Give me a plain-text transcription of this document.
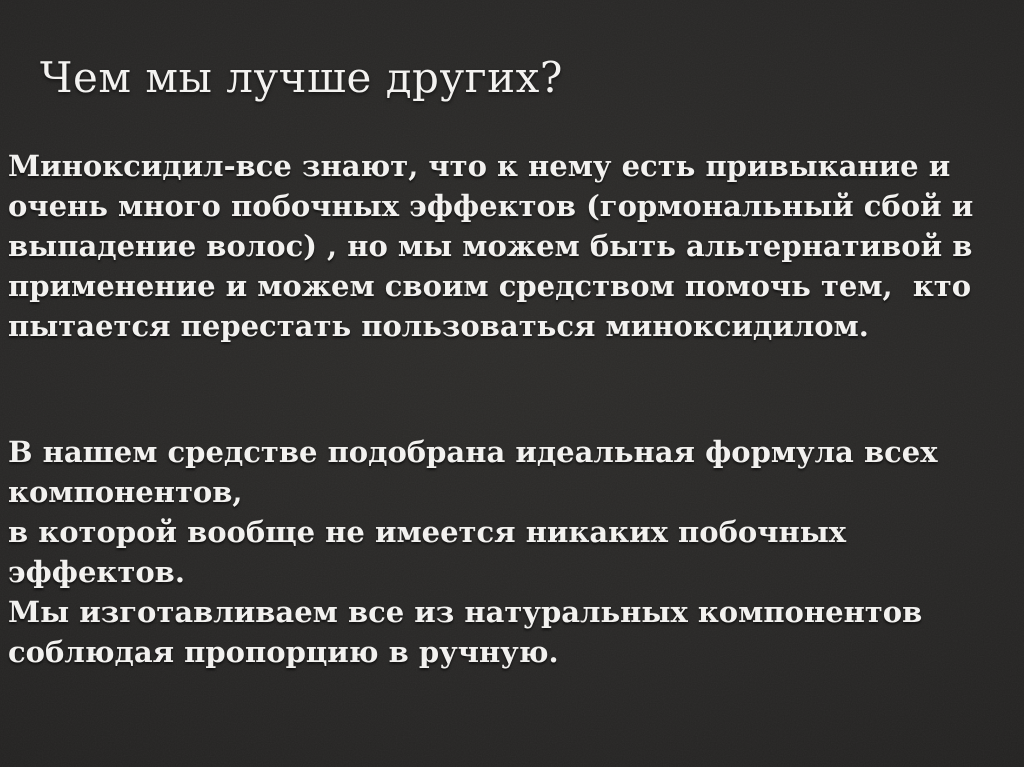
Чем мы лучше других?
Миноксидил-все знают, что к нему есть привыкание и
очень много побочных эффектов (гормональный сбой и
выпадение волос) , но мы можем быть альтернативой в
применение и можем своим средством помочь тем,  кто
пытается перестать пользоваться миноксидилом.
В нашем средстве подобрана идеальная формула всех
компонентов,
в которой вообще не имеется никаких побочных
эффектов.
Мы изготавливаем все из натуральных компонентов
соблюдая пропорцию в ручную.
